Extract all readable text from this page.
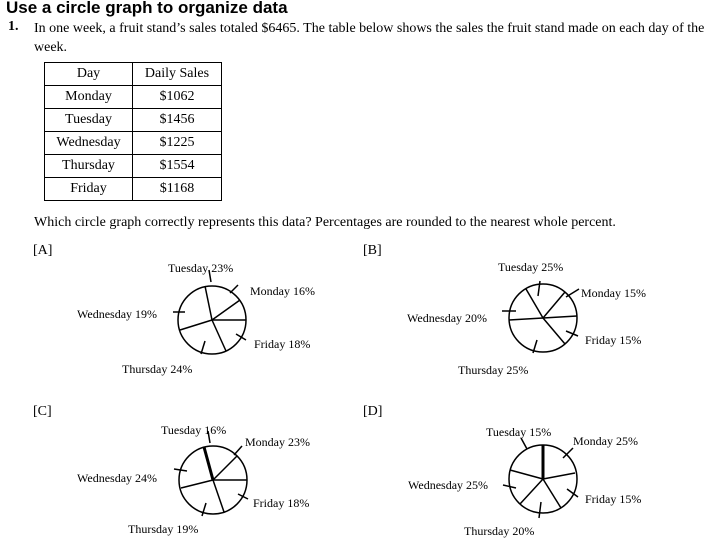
Use a circle graph to organize data
1. In one week, a fruit stand’s sales totaled $6465. The table below shows the sales the fruit stand made on each day of the week.
Day	Daily Sales
Monday	$1062
Tuesday	$1456
Wednesday	$1225
Thursday	$1554
Friday	$1168
Which circle graph correctly represents this data? Percentages are rounded to the nearest whole percent.
[A]
Tuesday 23%
Monday 16%
Wednesday 19%
Friday 18%
Thursday 24%
Tuesday 25%
Monday 15%
Wednesday 20%
Friday 15%
Thursday 25%
Tuesday 16%
Monday 23%
Wednesday 24%
Friday 18%
Thursday 19%
Tuesday 15%
Monday 25%
Wednesday 25%
Friday 15%
Thursday 20%
[B]
[C]	[D]
